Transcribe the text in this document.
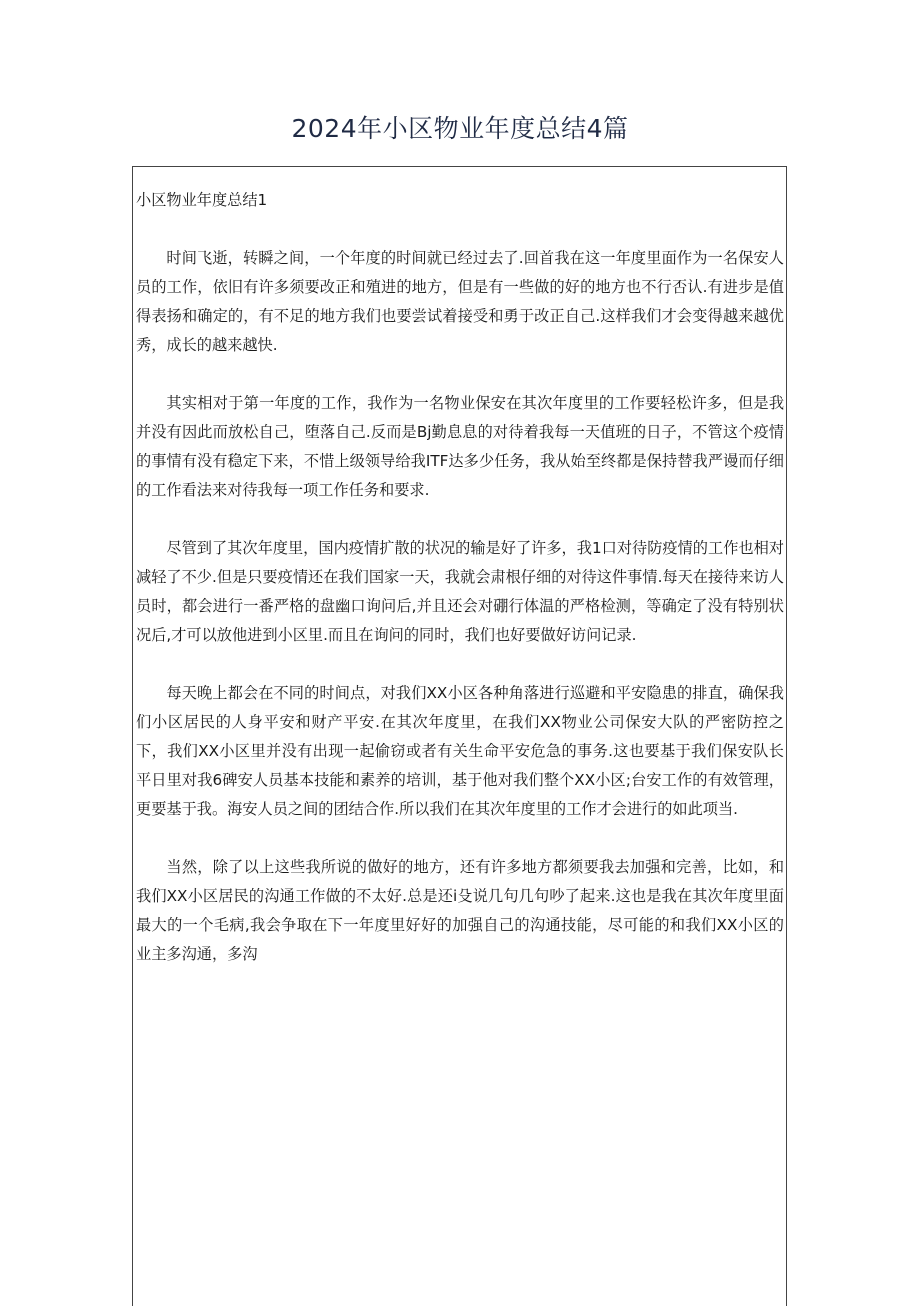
2024年小区物业年度总结4篇

小区物业年度总结1

时间飞逝，转瞬之间，一个年度的时间就已经过去了.回首我在这一年度里面作为一名保安人员的工作，依旧有许多须要改正和殖进的地方，但是有一些做的好的地方也不行否认.有进步是值得表扬和确定的，有不足的地方我们也要尝试着接受和勇于改正自己.这样我们才会变得越来越优秀，成长的越来越快.

其实相对于第一年度的工作，我作为一名物业保安在其次年度里的工作要轻松许多，但是我并没有因此而放松自己，堕落自己.反而是Bj勤息息的对待着我每一天值班的日子，不管这个疫情的事情有没有稳定下来，不惜上级领导给我ITF达多少任务，我从始至终都是保持替我严谩而仔细的工作看法来对待我每一项工作任务和要求.

尽管到了其次年度里，国内疫情扩散的状况的输是好了许多，我1口对待防疫情的工作也相对减轻了不少.但是只要疫情还在我们国家一天，我就会肃根仔细的对待这件事情.每天在接待来访人员时，都会进行一番严格的盘幽口询问后,并且还会对硼行体温的严格检测，等确定了没有特别状况后,才可以放他进到小区里.而且在询问的同时，我们也好要做好访问记录.

每天晚上都会在不同的时间点，对我们XX小区各种角落进行巡避和平安隐患的排直，确保我们小区居民的人身平安和财产平安.在其次年度里，在我们XX物业公司保安大队的严密防控之下，我们XX小区里并没有出现一起偷窃或者有关生命平安危急的事务.这也要基于我们保安队长平日里对我6碑安人员基本技能和素养的培训，基于他对我们整个XX小区;台安工作的有效管理，更要基于我。海安人员之间的团结合作.所以我们在其次年度里的工作才会进行的如此项当.

当然，除了以上这些我所说的做好的地方，还有许多地方都须要我去加强和完善，比如，和我们XX小区居民的沟通工作做的不太好.总是还i殳说几句几句吵了起来.这也是我在其次年度里面最大的一个毛病,我会争取在下一年度里好好的加强自己的沟通技能，尽可能的和我们XX小区的业主多沟通，多沟
